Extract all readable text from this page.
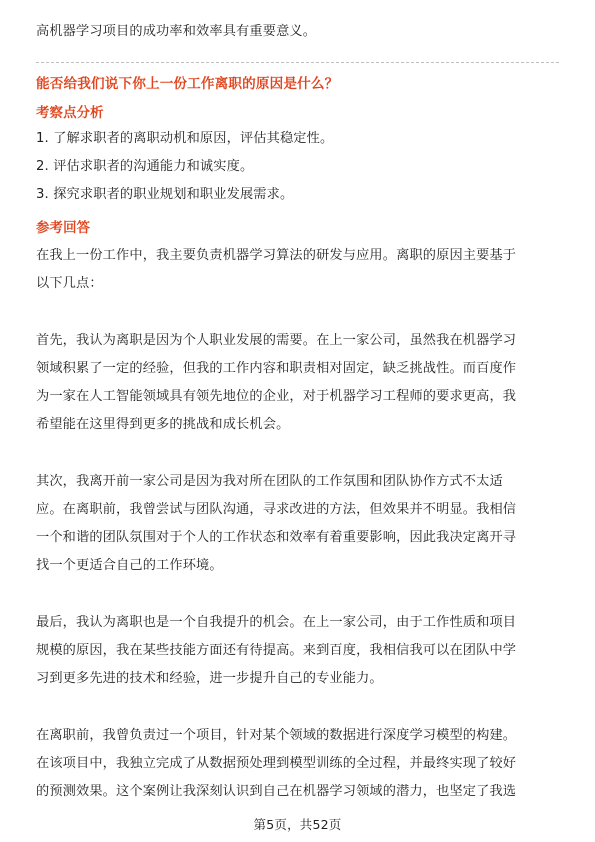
高机器学习项目的成功率和效率具有重要意义。
能否给我们说下你上一份工作离职的原因是什么？
考察点分析
1. 了解求职者的离职动机和原因，评估其稳定性。
2. 评估求职者的沟通能力和诚实度。
3. 探究求职者的职业规划和职业发展需求。
参考回答
在我上一份工作中，我主要负责机器学习算法的研发与应用。离职的原因主要基于
以下几点：
首先，我认为离职是因为个人职业发展的需要。在上一家公司，虽然我在机器学习
领域积累了一定的经验，但我的工作内容和职责相对固定，缺乏挑战性。而百度作
为一家在人工智能领域具有领先地位的企业，对于机器学习工程师的要求更高，我
希望能在这里得到更多的挑战和成长机会。
其次，我离开前一家公司是因为我对所在团队的工作氛围和团队协作方式不太适
应。在离职前，我曾尝试与团队沟通，寻求改进的方法，但效果并不明显。我相信
一个和谐的团队氛围对于个人的工作状态和效率有着重要影响，因此我决定离开寻
找一个更适合自己的工作环境。
最后，我认为离职也是一个自我提升的机会。在上一家公司，由于工作性质和项目
规模的原因，我在某些技能方面还有待提高。来到百度，我相信我可以在团队中学
习到更多先进的技术和经验，进一步提升自己的专业能力。
在离职前，我曾负责过一个项目，针对某个领域的数据进行深度学习模型的构建。
在该项目中，我独立完成了从数据预处理到模型训练的全过程，并最终实现了较好
的预测效果。这个案例让我深刻认识到自己在机器学习领域的潜力，也坚定了我选
第5页，共52页
